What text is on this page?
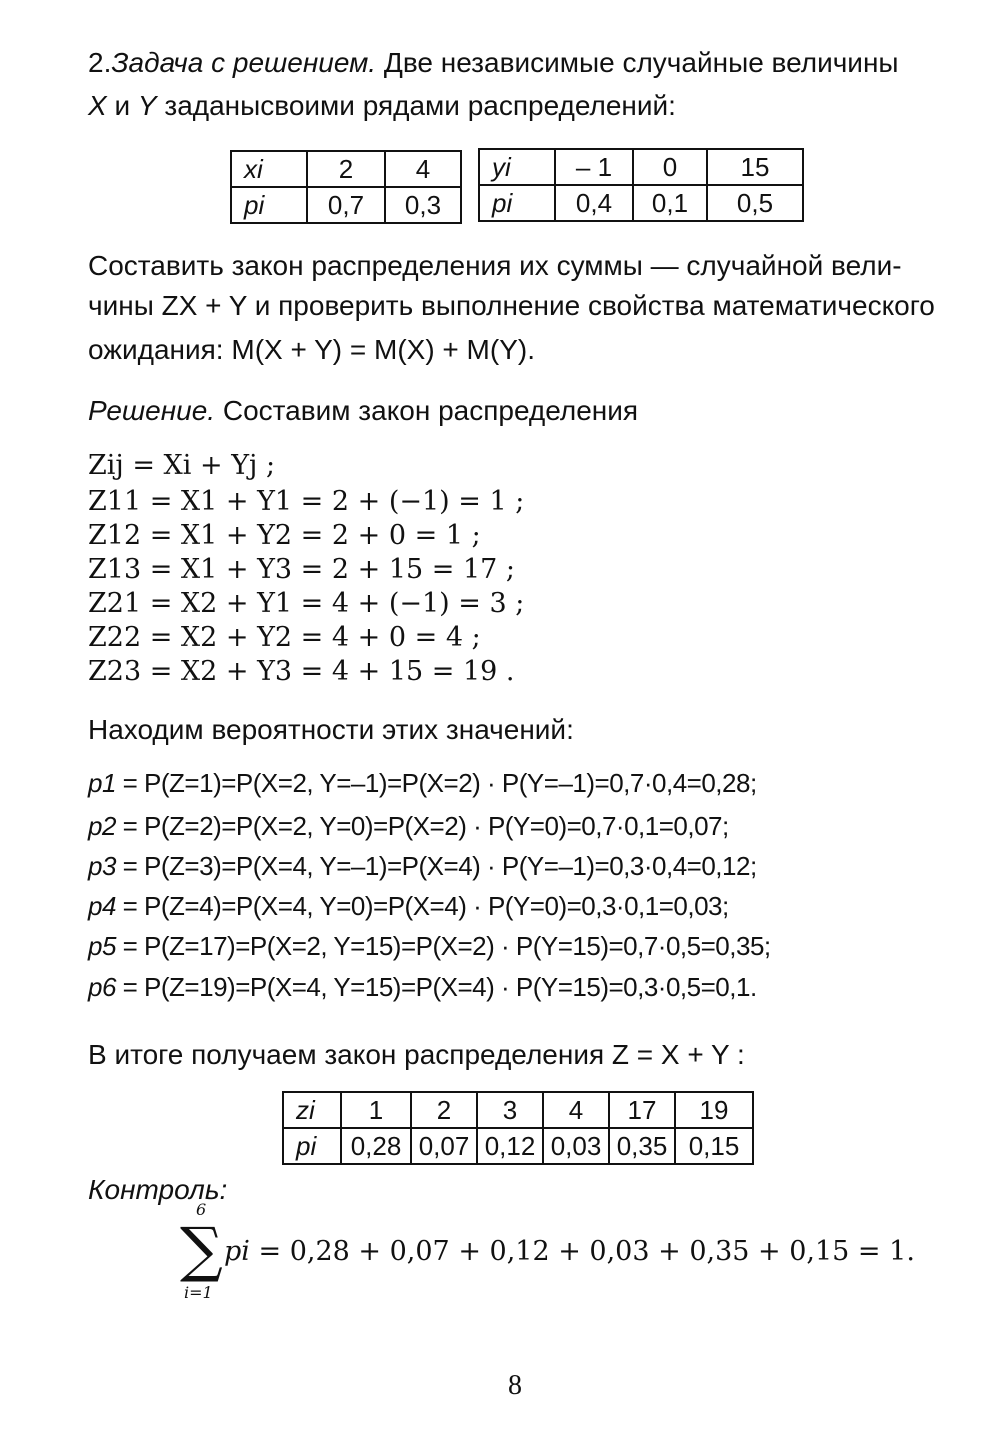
2.Задача с решением. Две независимые случайные величины
X и Y заданысвоими рядами распределений:
xi	2	4
pi	0,7	0,3
yi	– 1	0	15
pi	0,4	0,1	0,5
Составить закон распределения их суммы — случайной вели-
чины ZX + Y и проверить выполнение свойства математического
ожидания: M(X + Y) = M(X) + M(Y).
Решение. Составим закон распределения
Zij = Xi + Yj ;
Z11 = X1 + Y1 = 2 + (−1) = 1 ;
Z12 = X1 + Y2 = 2 + 0 = 1 ;
Z13 = X1 + Y3 = 2 + 15 = 17 ;
Z21 = X2 + Y1 = 4 + (−1) = 3 ;
Z22 = X2 + Y2 = 4 + 0 = 4 ;
Z23 = X2 + Y3 = 4 + 15 = 19 .
Находим вероятности этих значений:
p1 = P(Z=1)=P(X=2, Y=–1)=P(X=2) · P(Y=–1)=0,7·0,4=0,28;
p2 = P(Z=2)=P(X=2, Y=0)=P(X=2) · P(Y=0)=0,7·0,1=0,07;
p3 = P(Z=3)=P(X=4, Y=–1)=P(X=4) · P(Y=–1)=0,3·0,4=0,12;
p4 = P(Z=4)=P(X=4, Y=0)=P(X=4) · P(Y=0)=0,3·0,1=0,03;
p5 = P(Z=17)=P(X=2, Y=15)=P(X=2) · P(Y=15)=0,7·0,5=0,35;
p6 = P(Z=19)=P(X=4, Y=15)=P(X=4) · P(Y=15)=0,3·0,5=0,1.
В итоге получаем закон распределения Z = X + Y :
zi	1	2	3	4	17	19
pi	0,28	0,07	0,12	0,03	0,35	0,15
Контроль:
6
∑
i=1
pi = 0,28 + 0,07 + 0,12 + 0,03 + 0,35 + 0,15 = 1.
8
